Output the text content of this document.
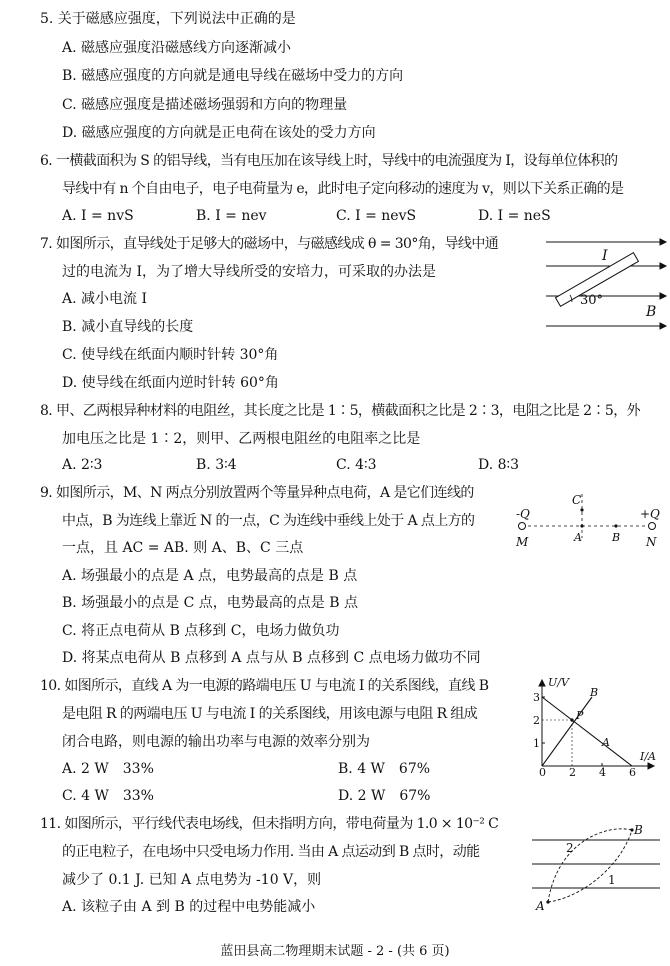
5. 关于磁感应强度，下列说法中正确的是
A. 磁感应强度沿磁感线方向逐渐减小
B. 磁感应强度的方向就是通电导线在磁场中受力的方向
C. 磁感应强度是描述磁场强弱和方向的物理量
D. 磁感应强度的方向就是正电荷在该处的受力方向
6. 一横截面积为 S 的铝导线，当有电压加在该导线上时，导线中的电流强度为 I，设每单位体积的
导线中有 n 个自由电子，电子电荷量为 e，此时电子定向移动的速度为 v，则以下关系正确的是
A. I = nvS	B. I = nev	C. I = nevS	D. I = neS
7. 如图所示，直导线处于足够大的磁场中，与磁感线成 θ = 30°角，导线中通
过的电流为 I，为了增大导线所受的安培力，可采取的办法是
A. 减小电流 I
B. 减小直导线的长度
C. 使导线在纸面内顺时针转 30°角
D. 使导线在纸面内逆时针转 60°角
I
30°
B
8. 甲、乙两根异种材料的电阻丝，其长度之比是 1∶5，横截面积之比是 2∶3，电阻之比是 2∶5，外
加电压之比是 1∶2，则甲、乙两根电阻丝的电阻率之比是
A. 2∶3	B. 3∶4	C. 4∶3	D. 8∶3
9. 如图所示，M、N 两点分别放置两个等量异种点电荷，A 是它们连线的
中点，B 为连线上靠近 N 的一点，C 为连线中垂线上处于 A 点上方的
一点，且 AC = AB. 则 A、B、C 三点
A. 场强最小的点是 A 点，电势最高的点是 B 点
B. 场强最小的点是 C 点，电势最高的点是 B 点
C. 将正点电荷从 B 点移到 C，电场力做负功
D. 将某点电荷从 B 点移到 A 点与从 B 点移到 C 点电场力做功不同
-Q	+Q
M	N
A	B
C
10. 如图所示，直线 A 为一电源的路端电压 U 与电流 I 的关系图线，直线 B
是电阻 R 的两端电压 U 与电流 I 的关系图线，用该电源与电阻 R 组成
闭合电路，则电源的输出功率与电源的效率分别为
A. 2 W　33%	B. 4 W　67%
C. 4 W　33%	D. 2 W　67%
U/V
I/A
3
2
1
0 2 4 6
A
B
P
11. 如图所示，平行线代表电场线，但未指明方向，带电荷量为 1.0 × 10⁻² C
的正电粒子，在电场中只受电场力作用. 当由 A 点运动到 B 点时，动能
减少了 0.1 J. 已知 A 点电势为 -10 V，则
A. 该粒子由 A 到 B 的过程中电势能减小	A
B
1
2
蓝田县高二物理期末试题 - 2 - (共 6 页)
